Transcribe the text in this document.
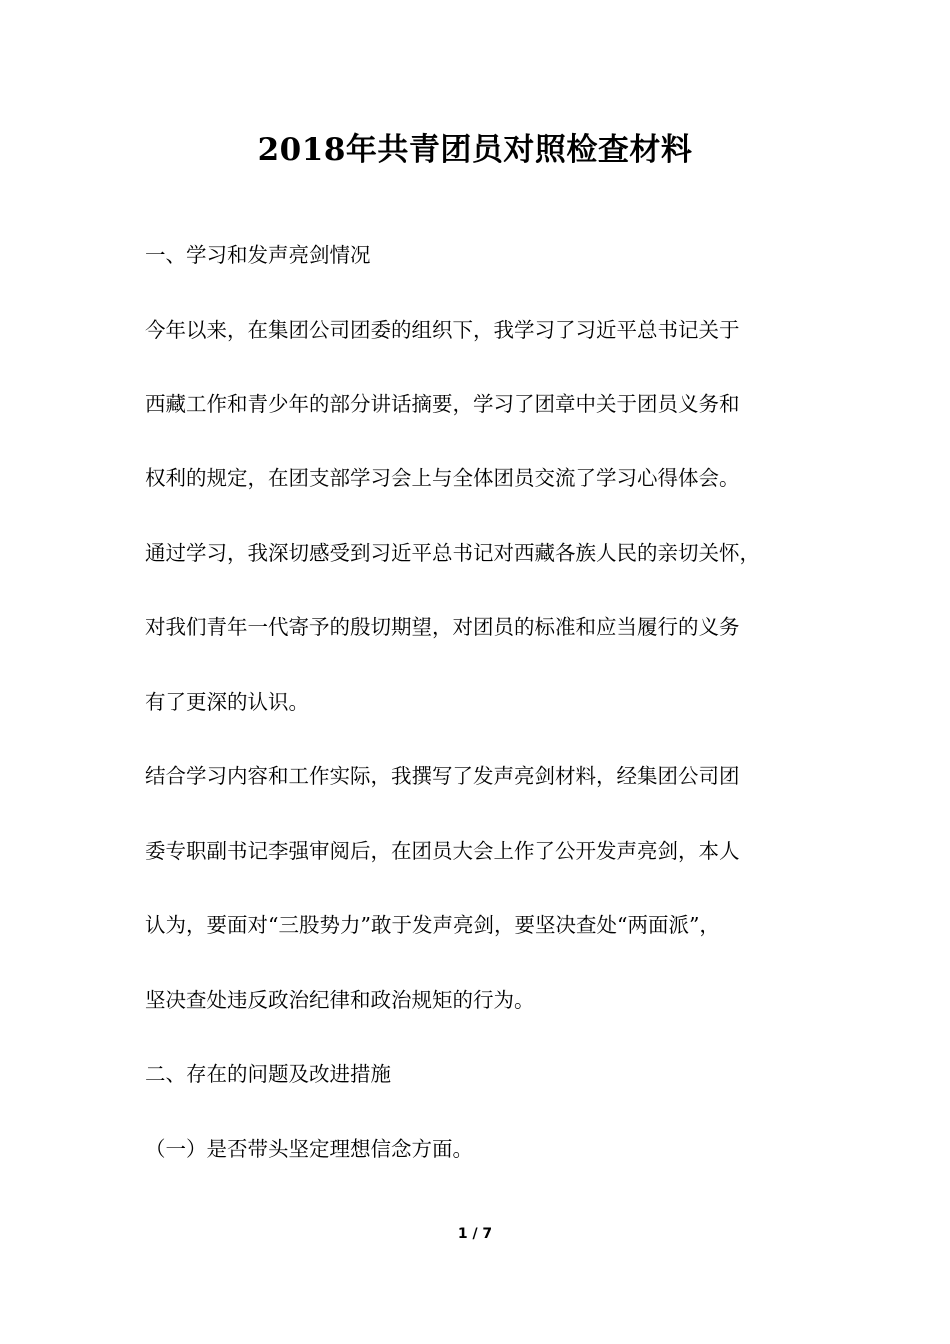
2018年共青团员对照检查材料
一、学习和发声亮剑情况
今年以来，在集团公司团委的组织下，我学习了习近平总书记关于
西藏工作和青少年的部分讲话摘要，学习了团章中关于团员义务和
权利的规定，在团支部学习会上与全体团员交流了学习心得体会。
通过学习，我深切感受到习近平总书记对西藏各族人民的亲切关怀，
对我们青年一代寄予的殷切期望，对团员的标准和应当履行的义务
有了更深的认识。
结合学习内容和工作实际，我撰写了发声亮剑材料，经集团公司团
委专职副书记李强审阅后，在团员大会上作了公开发声亮剑，本人
认为，要面对“三股势力”敢于发声亮剑，要坚决查处“两面派”，
坚决查处违反政治纪律和政治规矩的行为。
二、存在的问题及改进措施
（一）是否带头坚定理想信念方面。
1 / 7
